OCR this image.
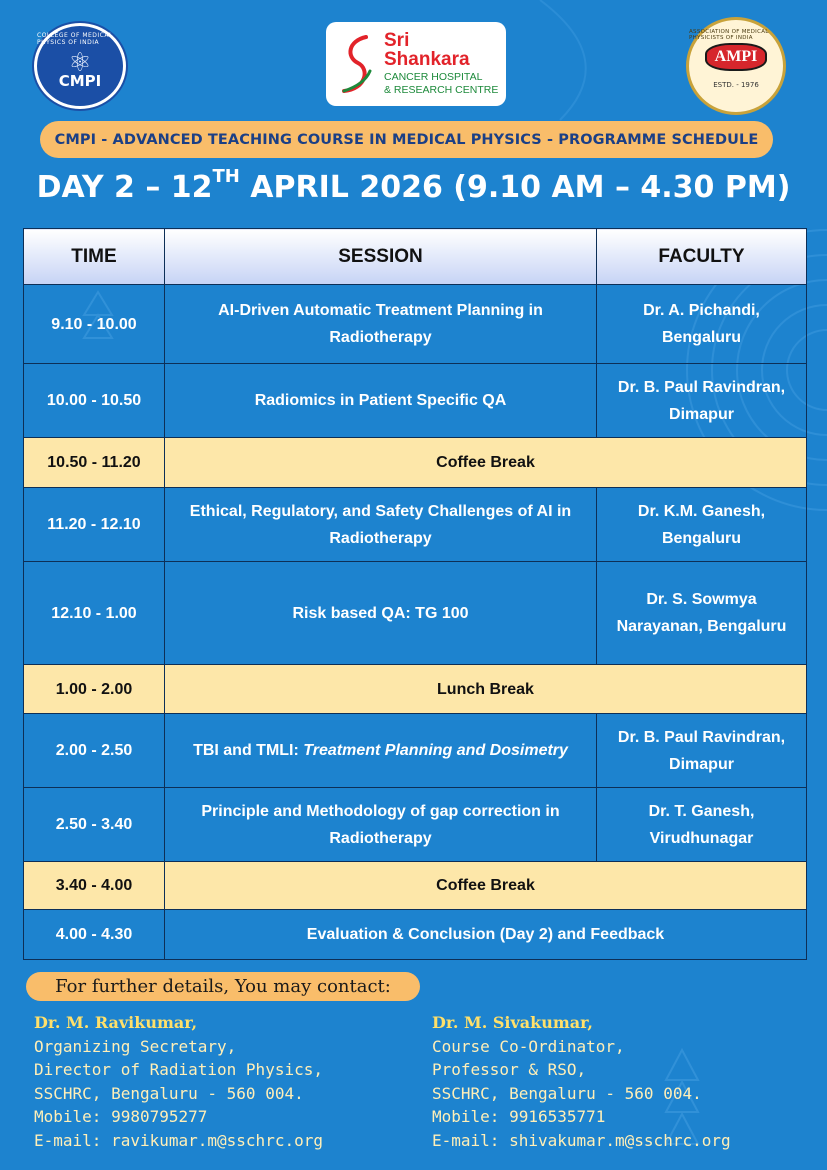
COLLEGE OF MEDICAL PHYSICS OF INDIA
⚛
CMPI
Sri
Shankara
CANCER HOSPITAL
& RESEARCH CENTRE
ASSOCIATION OF MEDICAL PHYSICISTS OF INDIA
AMPI
ESTD. - 1976
CMPI - ADVANCED TEACHING COURSE IN MEDICAL PHYSICS - PROGRAMME SCHEDULE
DAY 2 – 12TH APRIL 2026 (9.10 AM – 4.30 PM)
TIME	SESSION	FACULTY
9.10 - 10.00	AI-Driven Automatic Treatment Planning in Radiotherapy	Dr. A. Pichandi, Bengaluru
10.00 - 10.50	Radiomics in Patient Specific QA	Dr. B. Paul Ravindran, Dimapur
10.50 - 11.20	Coffee Break	
11.20 - 12.10	Ethical, Regulatory, and Safety Challenges of AI in Radiotherapy	Dr. K.M. Ganesh, Bengaluru
12.10 - 1.00	Risk based QA: TG 100	Dr. S. Sowmya Narayanan, Bengaluru
1.00 - 2.00	Lunch Break	
2.00 - 2.50	TBI and TMLI: Treatment Planning and Dosimetry	Dr. B. Paul Ravindran, Dimapur
2.50 - 3.40	Principle and Methodology of gap correction in Radiotherapy	Dr. T. Ganesh, Virudhunagar
3.40 - 4.00	Coffee Break	
4.00 - 4.30	Evaluation & Conclusion (Day 2) and Feedback	
For further details, You may contact:
Dr. M. Ravikumar,
Organizing Secretary,
Director of Radiation Physics,
SSCHRC, Bengaluru - 560 004.
Mobile: 9980795277
E-mail: ravikumar.m@sschrc.org
Dr. M. Sivakumar,
Course Co-Ordinator,
Professor & RSO,
SSCHRC, Bengaluru - 560 004.
Mobile: 9916535771
E-mail: shivakumar.m@sschrc.org
